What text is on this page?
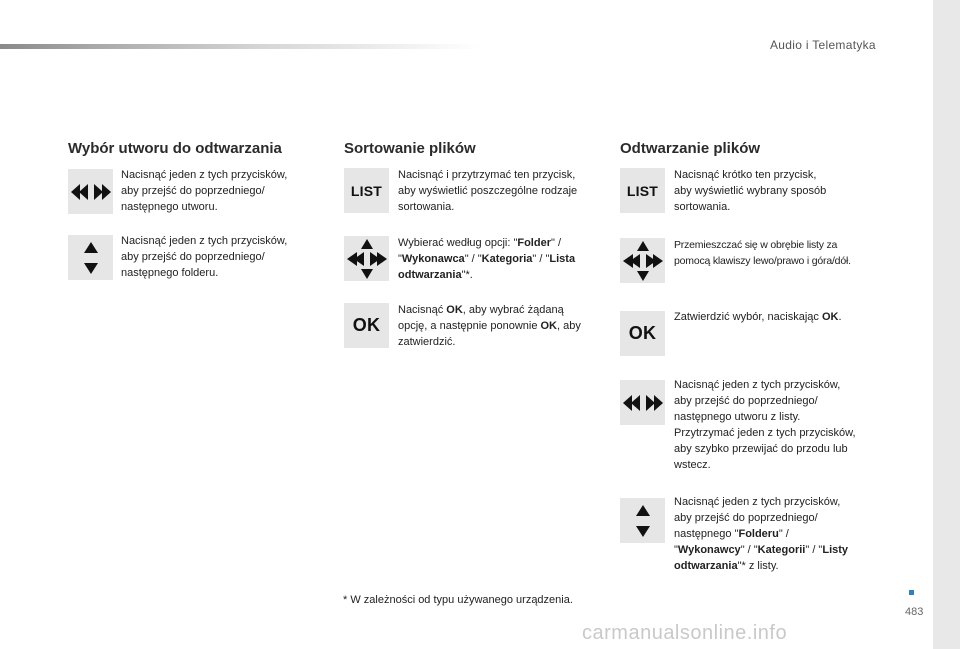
Audio i Telematyka
Wybór utworu do odtwarzania
Nacisnąć jeden z tych przycisków,
aby przejść do poprzedniego/
następnego utworu.
Nacisnąć jeden z tych przycisków,
aby przejść do poprzedniego/
następnego folderu.
Sortowanie plików
LIST
Nacisnąć i przytrzymać ten przycisk,
aby wyświetlić poszczególne rodzaje
sortowania.
Wybierać według opcji: "Folder" /
"Wykonawca" / "Kategoria" / "Lista
odtwarzania"*.
OK
Nacisnąć OK, aby wybrać żądaną
opcję, a następnie ponownie OK, aby
zatwierdzić.
Odtwarzanie plików
LIST
Nacisnąć krótko ten przycisk,
aby wyświetlić wybrany sposób
sortowania.
Przemieszczać się w obrębie listy za
pomocą klawiszy lewo/prawo i góra/dół.
OK
Zatwierdzić wybór, naciskając OK.
Nacisnąć jeden z tych przycisków,
aby przejść do poprzedniego/
następnego utworu z listy.
Przytrzymać jeden z tych przycisków,
aby szybko przewijać do przodu lub
wstecz.
Nacisnąć jeden z tych przycisków,
aby przejść do poprzedniego/
następnego "Folderu" /
"Wykonawcy" / "Kategorii" / "Listy
odtwarzania"* z listy.
* W zależności od typu używanego urządzenia.
483
carmanualsonline.info
